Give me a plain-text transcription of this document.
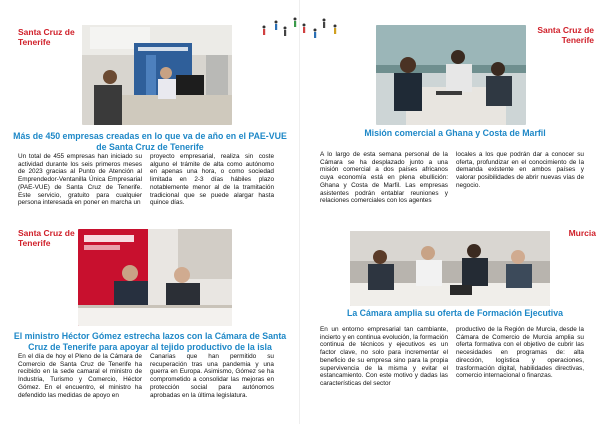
Santa Cruz de Tenerife
Más de 450 empresas creadas en lo que va de año en el PAE-VUE de Santa Cruz de Tenerife
Un total de 455 empresas han iniciado su actividad durante los seis primeros meses de 2023 gracias al Punto de Atención al Emprendedor-Ventanilla Única Empresarial (PAE-VUE) de Santa Cruz de Tenerife. Este servicio, gratuito para cualquier persona interesada en poner en marcha un
proyecto empresarial, realiza sin coste alguno el trámite de alta como autónomo en apenas una hora, o como sociedad limitada en 2-3 días hábiles plazo notablemente menor al de la tramitación tradicional que se puede alargar hasta quince días.
Santa Cruz de Tenerife
El ministro Héctor Gómez estrecha lazos con la Cámara de Santa Cruz de Tenerife para apoyar al tejido productivo de la isla
En el día de hoy el Pleno de la Cámara de Comercio de Santa Cruz de Tenerife ha recibido en la sede camaral el ministro de Industria, Turismo y Comercio, Héctor Gómez. En el encuentro, el ministro ha defendido las medidas de apoyo en
Canarias que han permitido su recuperación tras una pandemia y una guerra en Europa. Asimismo, Gómez se ha comprometido a consolidar las mejoras en protección social para autónomos aprobadas en la última legislatura.
Santa Cruz de Tenerife
Misión comercial a Ghana y Costa de Marfil
A lo largo de esta semana personal de la Cámara se ha desplazado junto a una misión comercial a dos países africanos cuya economía está en plena ebullición: Ghana y Costa de Marfil. Las empresas asistentes podrán entablar reuniones y relaciones comerciales con los agentes
locales a los que podrán dar a conocer su oferta, profundizar en el conocimiento de la demanda existente en ambos países y valorar posibilidades de abrir nuevas vías de negocio.
Murcia
La Cámara amplia su oferta de Formación Ejecutiva
En un entorno empresarial tan cambiante, incierto y en continua evolución, la formación continua de técnicos y ejecutivos es un factor clave, no solo para incrementar el beneficio de su empresa sino para la propia supervivencia de la misma y evitar el estancamiento. Con este motivo y dadas las características del sector
productivo de la Región de Murcia, desde la Cámara de Comercio de Murcia amplia su oferta formativa con el objetivo de cubrir las necesidades en programas de: alta dirección, logística y operaciones, trasformación digital, habilidades directivas, comercio internacional o finanzas.
